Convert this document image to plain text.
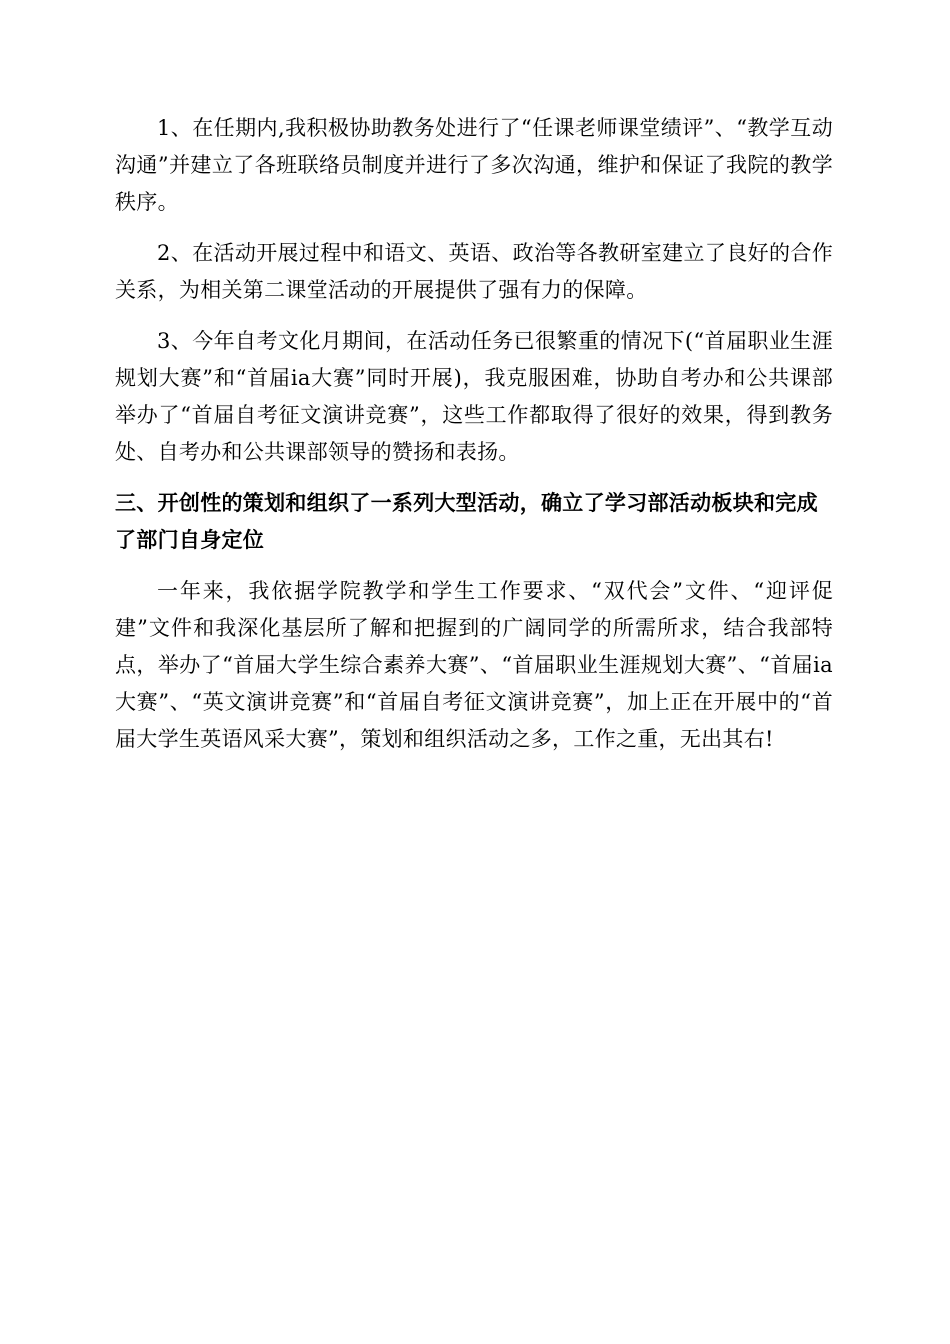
1、在任期内,我积极协助教务处进行了“任课老师课堂绩评”、“教学互动沟通”并建立了各班联络员制度并进行了多次沟通，维护和保证了我院的教学秩序。

2、在活动开展过程中和语文、英语、政治等各教研室建立了良好的合作关系，为相关第二课堂活动的开展提供了强有力的保障。

3、今年自考文化月期间，在活动任务已很繁重的情况下(“首届职业生涯规划大赛”和“首届ia大赛”同时开展)，我克服困难，协助自考办和公共课部举办了“首届自考征文演讲竞赛”，这些工作都取得了很好的效果，得到教务处、自考办和公共课部领导的赞扬和表扬。

三、开创性的策划和组织了一系列大型活动，确立了学习部活动板块和完成了部门自身定位

一年来，我依据学院教学和学生工作要求、“双代会”文件、“迎评促建”文件和我深化基层所了解和把握到的广阔同学的所需所求，结合我部特点，举办了“首届大学生综合素养大赛”、“首届职业生涯规划大赛”、“首届ia大赛”、“英文演讲竞赛”和“首届自考征文演讲竞赛”，加上正在开展中的“首届大学生英语风采大赛”，策划和组织活动之多，工作之重，无出其右!
